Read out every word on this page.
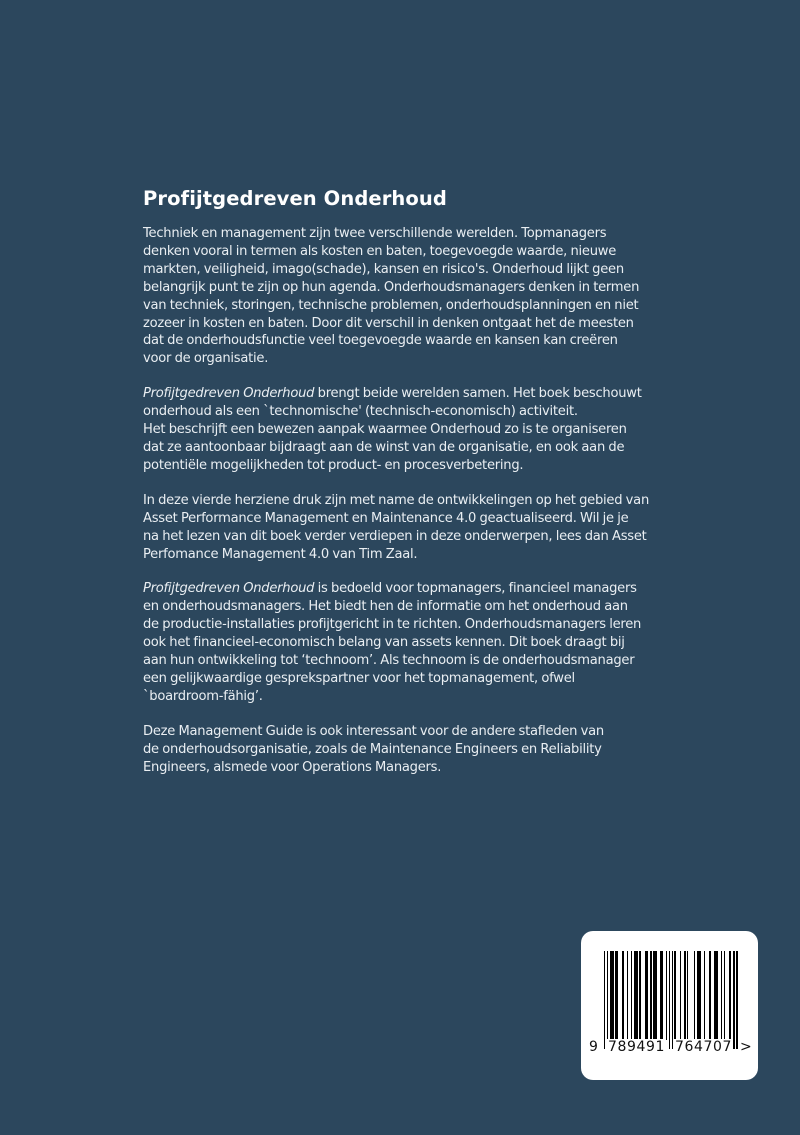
Profijtgedreven Onderhoud

Techniek en management zijn twee verschillende werelden. Topmanagers
denken vooral in termen als kosten en baten, toegevoegde waarde, nieuwe
markten, veiligheid, imago(schade), kansen en risico's. Onderhoud lijkt geen
belangrijk punt te zijn op hun agenda. Onderhoudsmanagers denken in termen
van techniek, storingen, technische problemen, onderhoudsplanningen en niet
zozeer in kosten en baten. Door dit verschil in denken ontgaat het de meesten
dat de onderhoudsfunctie veel toegevoegde waarde en kansen kan creëren
voor de organisatie.

Profijtgedreven Onderhoud brengt beide werelden samen. Het boek beschouwt
onderhoud als een `technomische' (technisch-economisch) activiteit.
Het beschrijft een bewezen aanpak waarmee Onderhoud zo is te organiseren
dat ze aantoonbaar bijdraagt aan de winst van de organisatie, en ook aan de
potentiële mogelijkheden tot product- en procesverbetering.

In deze vierde herziene druk zijn met name de ontwikkelingen op het gebied van
Asset Performance Management en Maintenance 4.0 geactualiseerd. Wil je je
na het lezen van dit boek verder verdiepen in deze onderwerpen, lees dan Asset
Perfomance Management 4.0 van Tim Zaal.

Profijtgedreven Onderhoud is bedoeld voor topmanagers, financieel managers
en onderhoudsmanagers. Het biedt hen de informatie om het onderhoud aan
de productie-installaties profijtgericht in te richten. Onderhoudsmanagers leren
ook het financieel-economisch belang van assets kennen. Dit boek draagt bij
aan hun ontwikkeling tot ‘technoom’. Als technoom is de onderhoudsmanager
een gelijkwaardige gesprekspartner voor het topmanagement, ofwel
`boardroom-fähig’.

Deze Management Guide is ook interessant voor de andere stafleden van
de onderhoudsorganisatie, zoals de Maintenance Engineers en Reliability
Engineers, alsmede voor Operations Managers.

9 789491 764707 >
